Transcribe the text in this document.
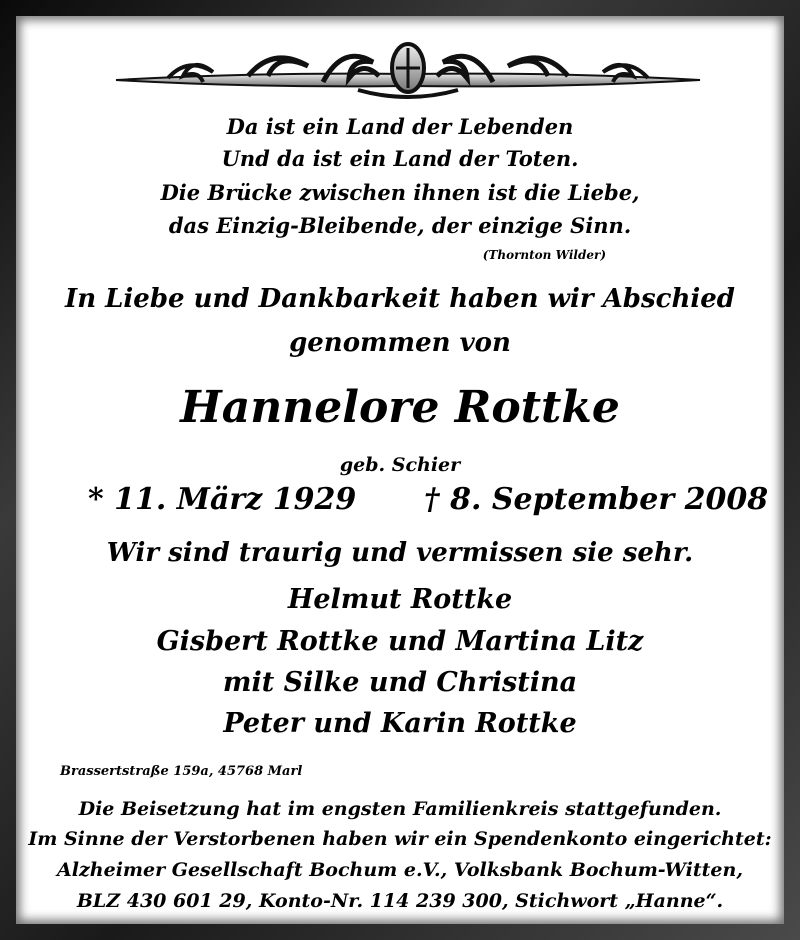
Da ist ein Land der Lebenden

Und da ist ein Land der Toten.

Die Brücke zwischen ihnen ist die Liebe,

das Einzig-Bleibende, der einzige Sinn.

(Thornton Wilder)

In Liebe und Dankbarkeit haben wir Abschied

genommen von

Hannelore Rottke

geb. Schier

* 11. März 1929 † 8. September 2008

Wir sind traurig und vermissen sie sehr.

Helmut Rottke

Gisbert Rottke und Martina Litz

mit Silke und Christina

Peter und Karin Rottke

Brassertstraße 159a, 45768 Marl

Die Beisetzung hat im engsten Familienkreis stattgefunden.

Im Sinne der Verstorbenen haben wir ein Spendenkonto eingerichtet:

Alzheimer Gesellschaft Bochum e.V., Volksbank Bochum-Witten,

BLZ 430 601 29, Konto-Nr. 114 239 300, Stichwort „Hanne“.
